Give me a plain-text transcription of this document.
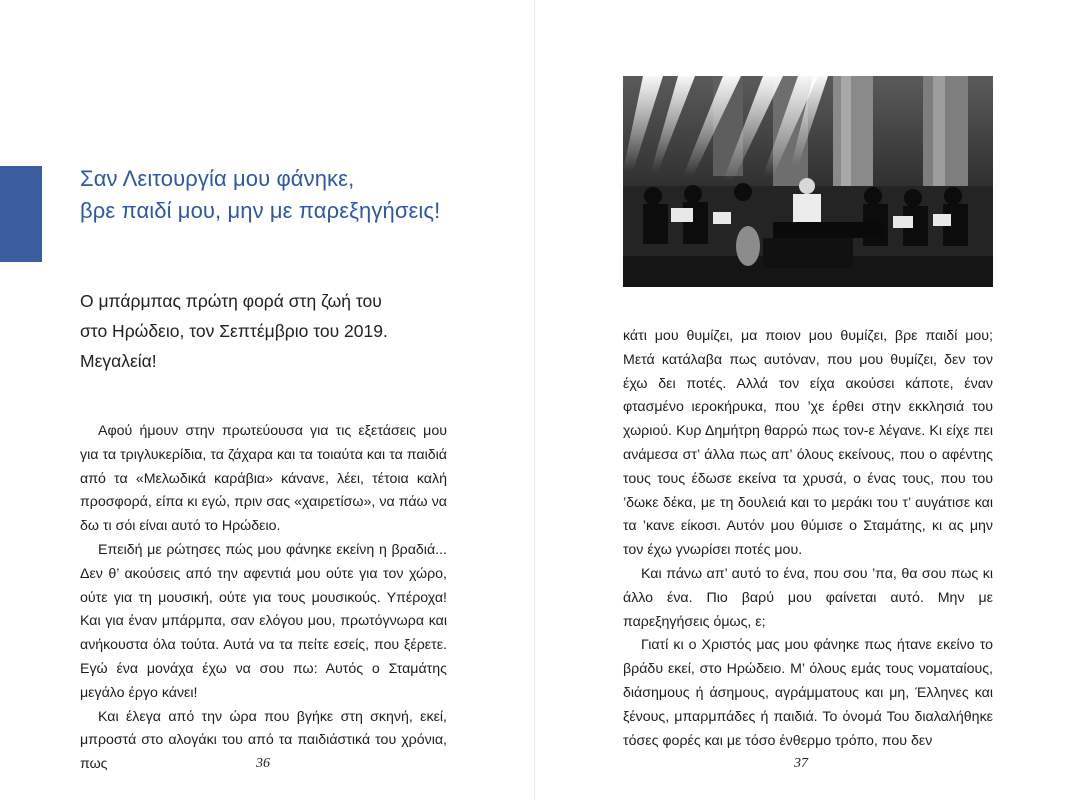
Σαν Λειτουργία μου φάνηκε,
βρε παιδί μου, μην με παρεξηγήσεις!
Ο μπάρμπας πρώτη φορά στη ζωή του
στο Ηρώδειο, τον Σεπτέμβριο του 2019.
Μεγαλεία!

Αφού ήμουν στην πρωτεύουσα για τις εξετάσεις μου για τα τριγλυκερίδια, τα ζάχαρα και τα τοιαύτα και τα παιδιά από τα «Μελωδικά καράβια» κάνανε, λέει, τέτοια καλή προσφορά, είπα κι εγώ, πριν σας «χαιρετίσω», να πάω να δω τι σόι είναι αυτό το Ηρώδειο.

Επειδή με ρώτησες πώς μου φάνηκε εκείνη η βραδιά... Δεν θ’ ακούσεις από την αφεντιά μου ούτε για τον χώρο, ούτε για τη μουσική, ούτε για τους μουσικούς. Υπέροχα! Και για έναν μπάρμπα, σαν ελόγου μου, πρωτόγνωρα και ανήκουστα όλα τούτα. Αυτά να τα πείτε εσείς, που ξέρετε. Εγώ ένα μονάχα έχω να σου πω: Αυτός ο Σταμάτης μεγάλο έργο κάνει!

Και έλεγα από την ώρα που βγήκε στη σκηνή, εκεί, μπροστά στο αλογάκι του από τα παιδιάστικά του χρόνια, πως	36

κάτι μου θυμίζει, μα ποιον μου θυμίζει, βρε παιδί μου; Μετά κατάλαβα πως αυτόναν, που μου θυμίζει, δεν τον έχω δει ποτές. Αλλά τον είχα ακούσει κάποτε, έναν φτασμένο ιεροκήρυκα, που ’χε έρθει στην εκκλησιά του χωριού. Κυρ Δημήτρη θαρρώ πως τον-ε λέγανε. Κι είχε πει ανάμεσα στ’ άλλα πως απ’ όλους εκείνους, που ο αφέντης τους τους έδωσε εκείνα τα χρυσά, ο ένας τους, που του ’δωκε δέκα, με τη δουλειά και το μεράκι του τ’ αυγάτισε και τα ’κανε είκοσι. Αυτόν μου θύμισε ο Σταμάτης, κι ας μην τον έχω γνωρίσει ποτές μου.

Και πάνω απ’ αυτό το ένα, που σου ’πα, θα σου πως κι άλλο ένα. Πιο βαρύ μου φαίνεται αυτό. Μην με παρεξηγήσεις όμως, ε;

Γιατί κι ο Χριστός μας μου φάνηκε πως ήτανε εκείνο το βράδυ εκεί, στο Ηρώδειο. Μ’ όλους εμάς τους νοματαίους, διάσημους ή άσημους, αγράμματους και μη, Έλληνες και ξένους, μπαρμπάδες ή παιδιά. Το όνομά Του διαλαλήθηκε τόσες φορές και με τόσο ένθερμο τρόπο, που δεν

37
